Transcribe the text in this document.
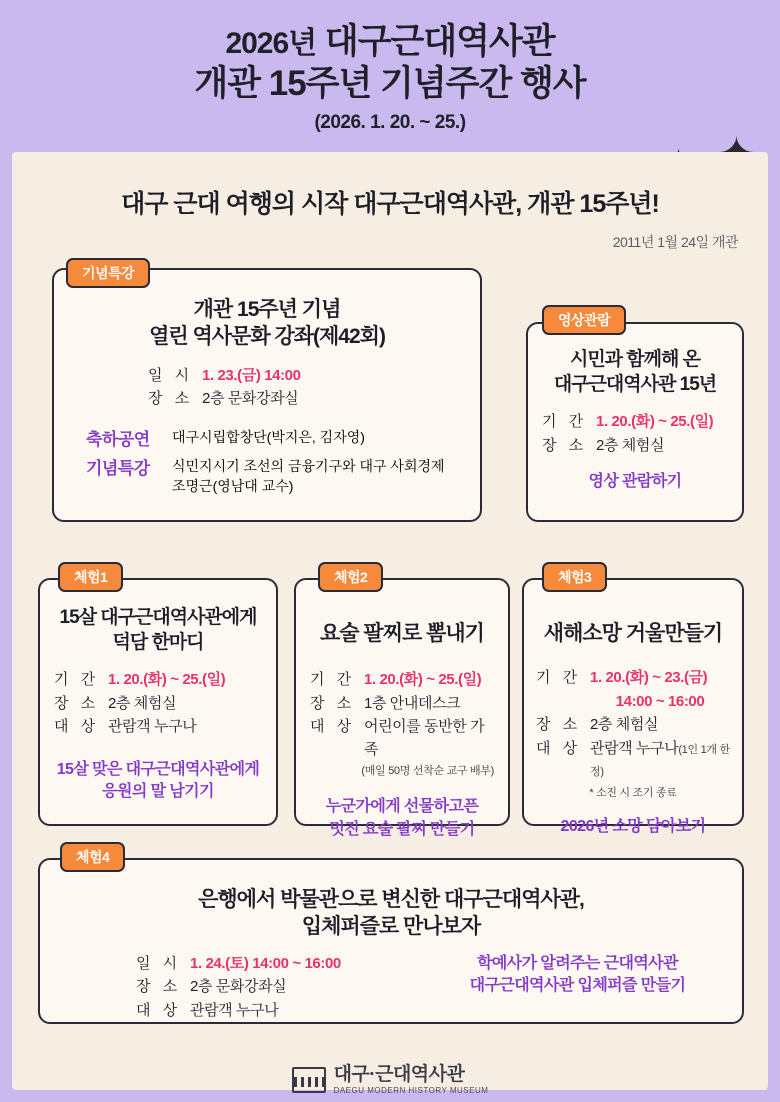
2026년 대구근대역사관
개관 15주년 기념주간 행사
(2026. 1. 20. ~ 25.)
대구 근대 여행의 시작 대구근대역사관, 개관 15주년!
2011년 1월 24일 개관
기념특강
개관 15주년 기념
열린 역사문화 강좌(제42회)
일 시 1. 23.(금) 14:00
장 소 2층 문화강좌실
축하공연	대구시립합창단(박지은, 김자영)
기념특강	식민지시기 조선의 금융기구와 대구 사회경제
조명근(영남대 교수)
영상관람
시민과 함께해 온
대구근대역사관 15년
기 간 1. 20.(화) ~ 25.(일)
장 소 2층 체험실
영상 관람하기
체험1
15살 대구근대역사관에게
덕담 한마디
기 간 1. 20.(화) ~ 25.(일)
장 소 2층 체험실
대 상 관람객 누구나
15살 맞은 대구근대역사관에게
응원의 말 남기기
체험2
요술 팔찌로 뽐내기
기 간 1. 20.(화) ~ 25.(일)
장 소 1층 안내데스크
대 상 어린이를 동반한 가족
(매일 50명 선착순 교구 배부)
누군가에게 선물하고픈
멋진 요술 팔찌 만들기
체험3
새해소망 거울만들기
기 간 1. 20.(화) ~ 23.(금)
14:00 ~ 16:00
장 소 2층 체험실
대 상 관람객 누구나(1인 1개 한정)
* 소진 시 조기 종료
2026년 소망 담아보기
체험4
은행에서 박물관으로 변신한 대구근대역사관,
입체퍼즐로 만나보자
일 시 1. 24.(토) 14:00 ~ 16:00
장 소 2층 문화강좌실
대 상 관람객 누구나
학예사가 알려주는 근대역사관
대구근대역사관 입체퍼즐 만들기
대구·근대역사관
DAEGU MODERN HISTORY MUSEUM
